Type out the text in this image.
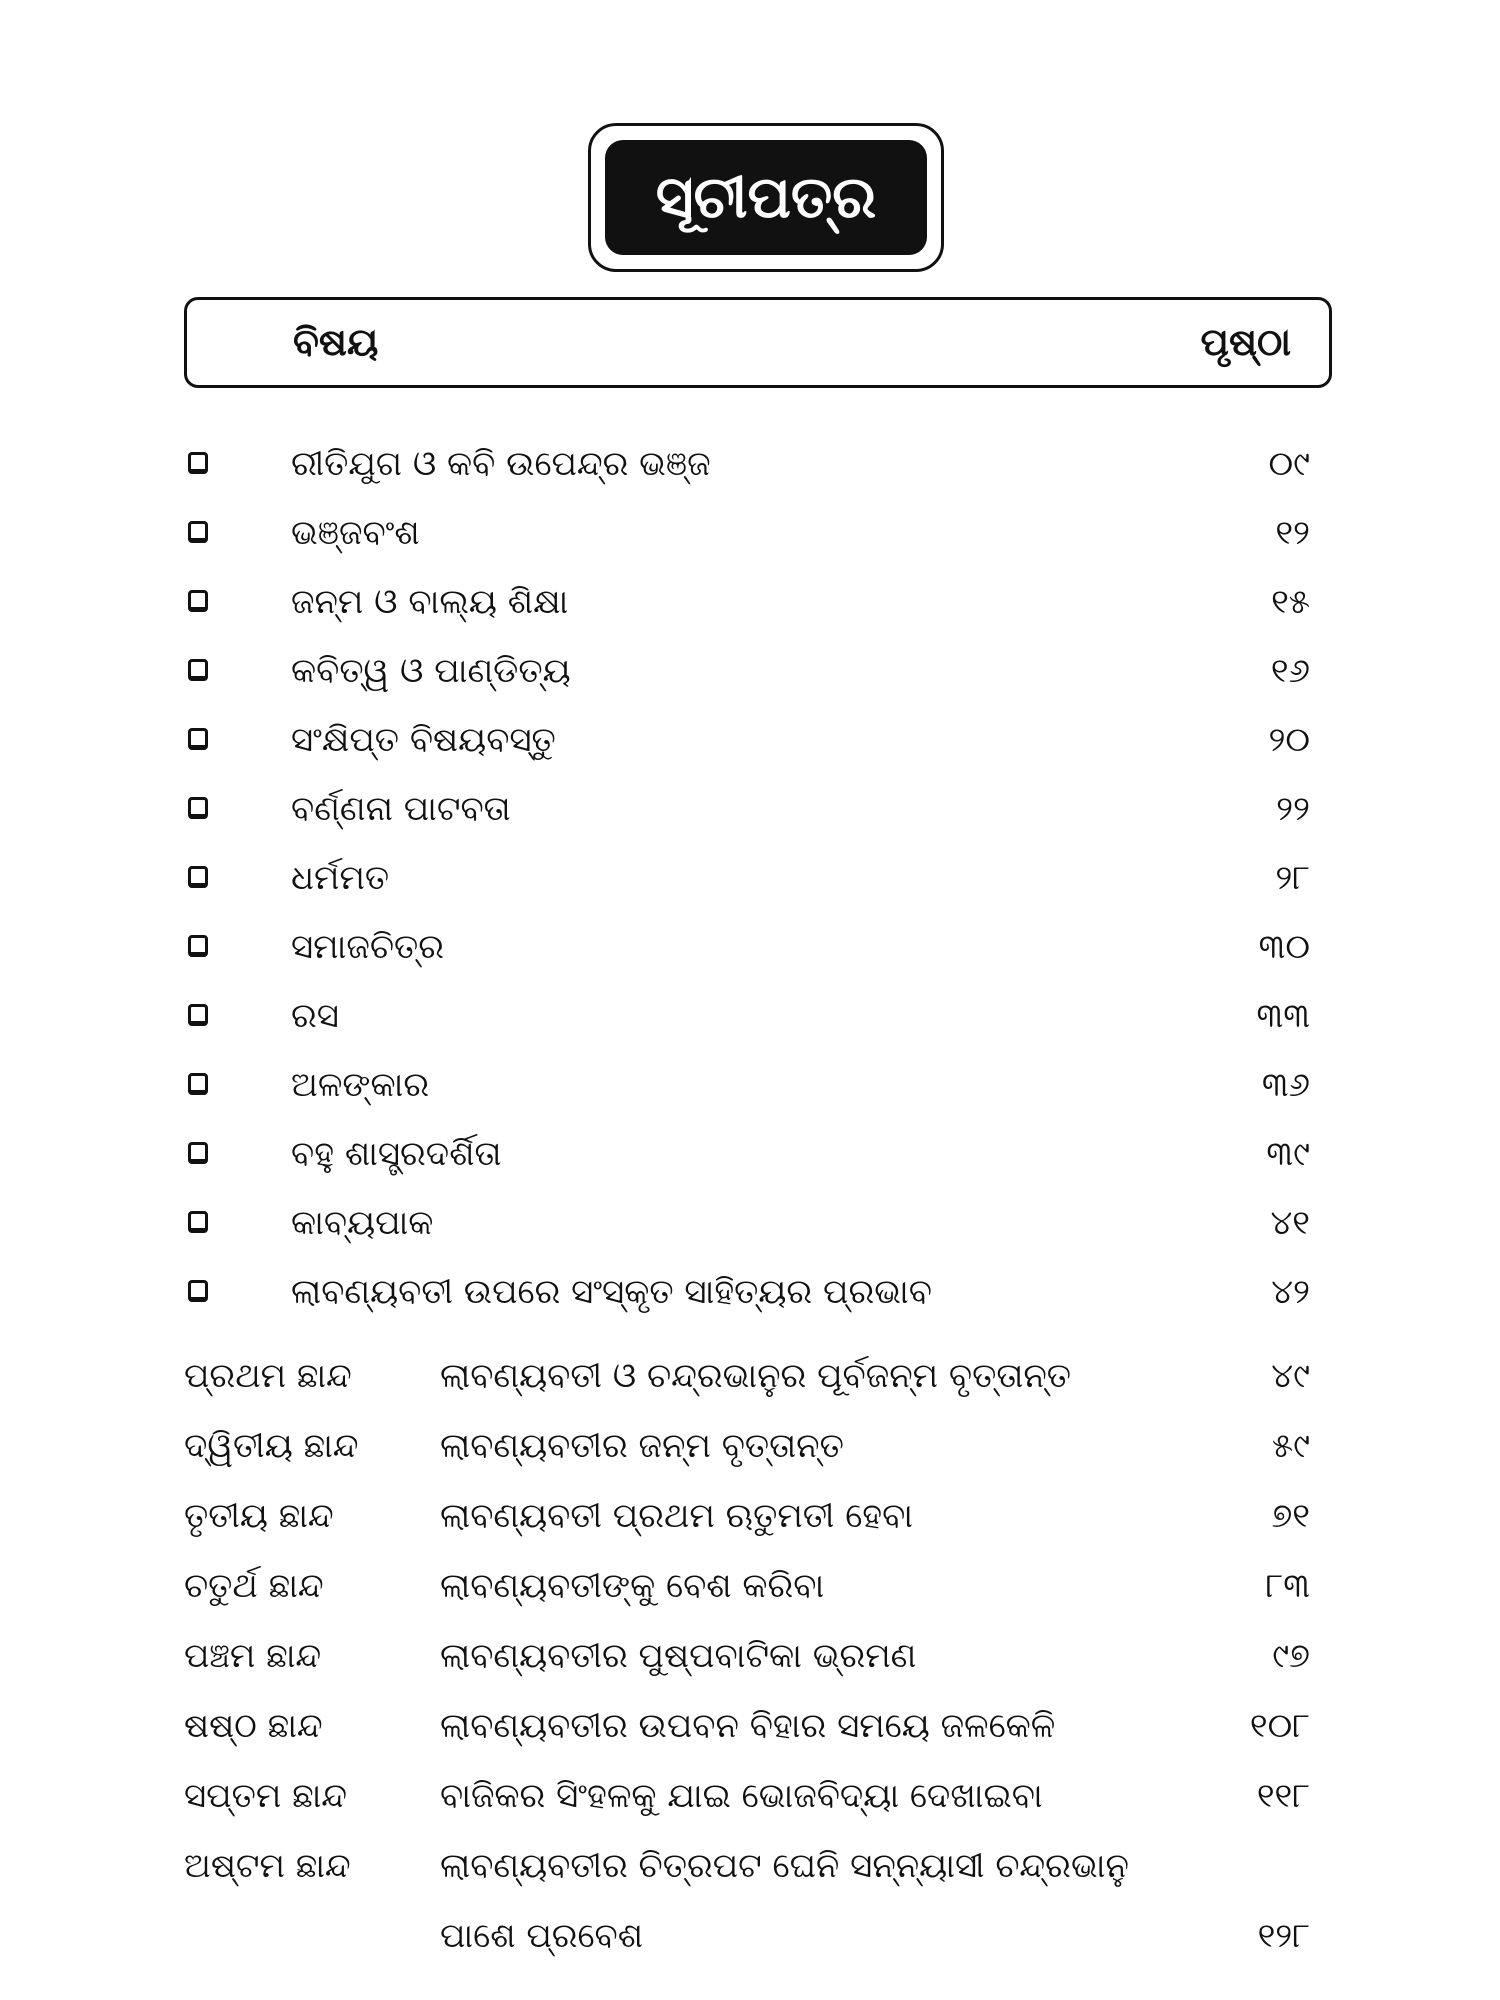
ସୂଚୀପତ୍ର
ବିଷୟ	ପୃଷ୍ଠା
ରୀତିଯୁଗ ଓ କବି ଉପେନ୍ଦ୍ର ଭଞ୍ଜ	୦୯
ଭଞ୍ଜବଂଶ	୧୨
ଜନ୍ମ ଓ ବାଲ୍ୟ ଶିକ୍ଷା	୧୫
କବିତ୍ୱ ଓ ପାଣ୍ଡିତ୍ୟ	୧୬
ସଂକ୍ଷିପ୍ତ ବିଷୟବସ୍ତୁ	୨୦
ବର୍ଣ୍ଣନା ପାଟବତା	୨୨
ଧର୍ମମତ	୨୮
ସମାଜଚିତ୍ର	୩୦
ରସ	୩୩
ଅଳଙ୍କାର	୩୬
ବହୁ ଶାସ୍ତ୍ରଦର୍ଶିତା	୩୯
କାବ୍ୟପାକ	୪୧
ଲାବଣ୍ୟବତୀ ଉପରେ ସଂସ୍କୃତ ସାହିତ୍ୟର ପ୍ରଭାବ	୪୨
ପ୍ରଥମ ଛାନ୍ଦ	ଲାବଣ୍ୟବତୀ ଓ ଚନ୍ଦ୍ରଭାନୁର ପୂର୍ବଜନ୍ମ ବୃତ୍ତାନ୍ତ	୪୯
ଦ୍ୱିତୀୟ ଛାନ୍ଦ ଲାବଣ୍ୟବତୀର ଜନ୍ମ ବୃତ୍ତାନ୍ତ	୫୯
ତୃତୀୟ ଛାନ୍ଦ	ଲାବଣ୍ୟବତୀ ପ୍ରଥମ ଋତୁମତୀ ହେବା	୭୧
ଚତୁର୍ଥ ଛାନ୍ଦ	ଲାବଣ୍ୟବତୀଙ୍କୁ ବେଶ କରିବା	୮୩
ପଞ୍ଚମ ଛାନ୍ଦ	ଲାବଣ୍ୟବତୀର ପୁଷ୍ପବାଟିକା ଭ୍ରମଣ	୯୭
ଷଷ୍ଠ ଛାନ୍ଦ	ଲାବଣ୍ୟବତୀର ଉପବନ ବିହାର ସମୟେ ଜଳକେଳି	୧୦୮
ସପ୍ତମ ଛାନ୍ଦ	ବାଜିକର ସିଂହଳକୁ ଯାଇ ଭୋଜବିଦ୍ୟା ଦେଖାଇବା	୧୧୮
ଅଷ୍ଟମ ଛାନ୍ଦ	ଲାବଣ୍ୟବତୀର ଚିତ୍ରପଟ ଘେନି ସନ୍ନ୍ୟାସୀ ଚନ୍ଦ୍ରଭାନୁ
ପାଶେ ପ୍ରବେଶ	୧୨୮
